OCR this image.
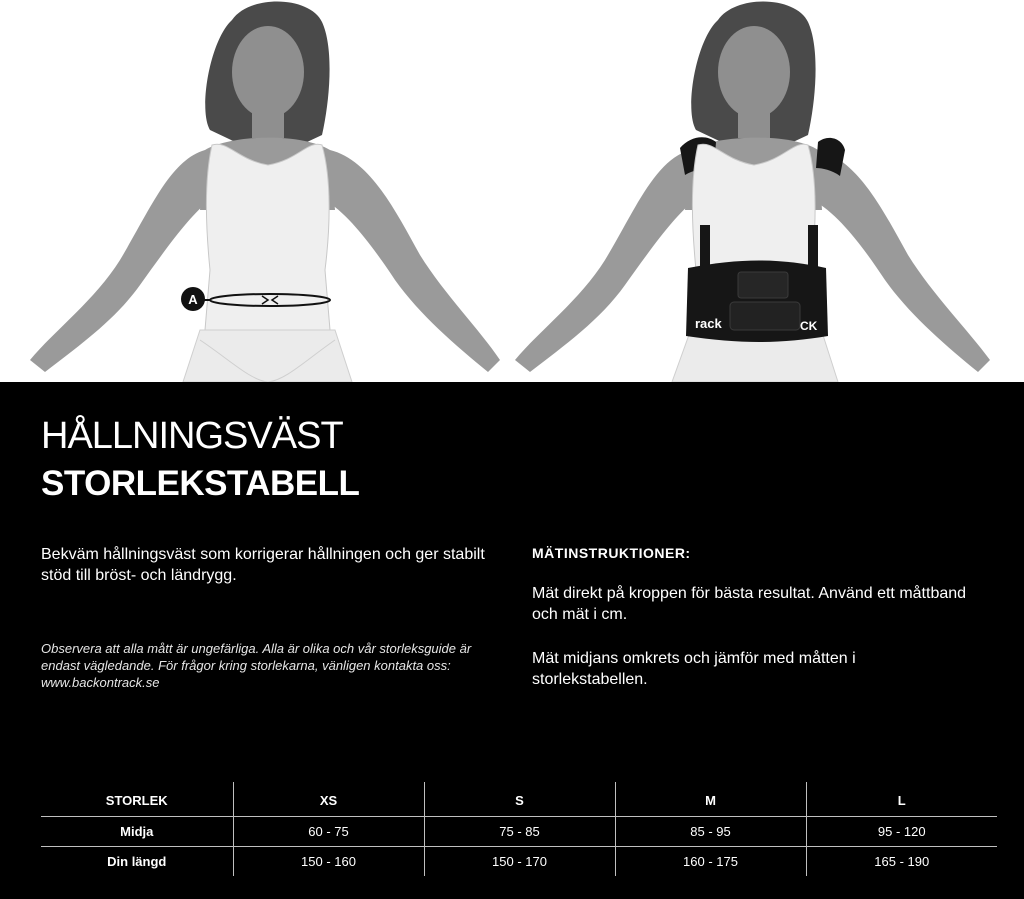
A
rack	CK
HÅLLNINGSVÄST
STORLEKSTABELL

Bekväm hållningsväst som korrigerar hållningen och ger stabilt stöd till bröst- och ländrygg.

Observera att alla mått är ungefärliga. Alla är olika och vår storleksguide är endast vägledande. För frågor kring storlekarna, vänligen kontakta oss: www.backontrack.se

MÄTINSTRUKTIONER:

Mät direkt på kroppen för bästa resultat. Använd ett måttband och mät i cm.

Mät midjans omkrets och jämför med måtten i storlekstabellen.

STORLEK	XS	S	M	L
Midja	60 - 75	75 - 85	85 - 95	95 - 120
Din längd	150 - 160	150 - 170	160 - 175	165 - 190
